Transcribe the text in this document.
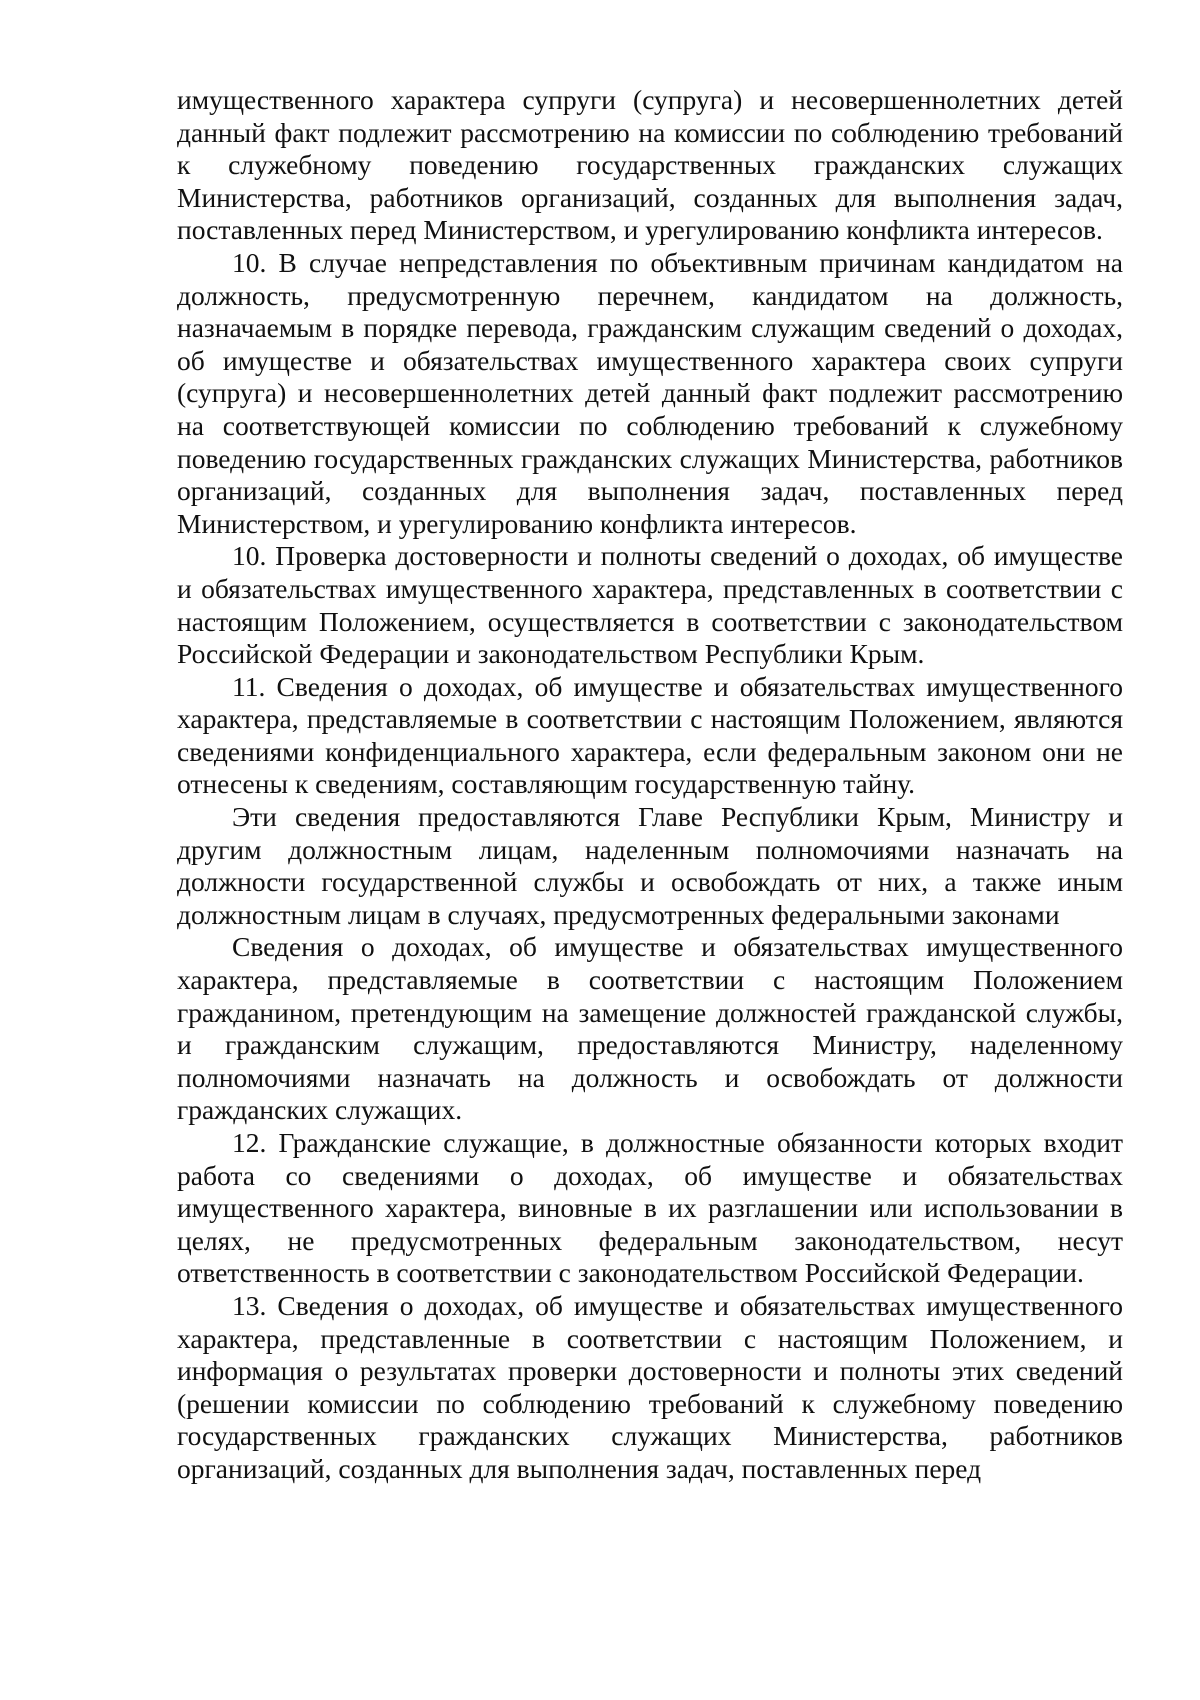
имущественного характера супруги (супруга) и несовершеннолетних детей данный факт подлежит рассмотрению на комиссии по соблюдению требований к служебному поведению государственных гражданских служащих Министерства, работников организаций, созданных для выполнения задач, поставленных перед Министерством, и урегулированию конфликта интересов.

10. В случае непредставления по объективным причинам кандидатом на должность, предусмотренную перечнем, кандидатом на должность, назначаемым в порядке перевода, гражданским служащим сведений о доходах, об имуществе и обязательствах имущественного характера своих супруги (супруга) и несовершеннолетних детей данный факт подлежит рассмотрению на соответствующей комиссии по соблюдению требований к служебному поведению государственных гражданских служащих Министерства, работников организаций, созданных для выполнения задач, поставленных перед Министерством, и урегулированию конфликта интересов.

10. Проверка достоверности и полноты сведений о доходах, об имуществе и обязательствах имущественного характера, представленных в соответствии с настоящим Положением, осуществляется в соответствии с законодательством Российской Федерации и законодательством Республики Крым.

11. Сведения о доходах, об имуществе и обязательствах имущественного характера, представляемые в соответствии с настоящим Положением, являются сведениями конфиденциального характера, если федеральным законом они не отнесены к сведениям, составляющим государственную тайну.

Эти сведения предоставляются Главе Республики Крым, Министру и другим должностным лицам, наделенным полномочиями назначать на должности государственной службы и освобождать от них, а также иным должностным лицам в случаях, предусмотренных федеральными законами

Сведения о доходах, об имуществе и обязательствах имущественного характера, представляемые в соответствии с настоящим Положением гражданином, претендующим на замещение должностей гражданской службы, и гражданским служащим, предоставляются Министру, наделенному полномочиями назначать на должность и освобождать от должности гражданских служащих.

12. Гражданские служащие, в должностные обязанности которых входит работа со сведениями о доходах, об имуществе и обязательствах имущественного характера, виновные в их разглашении или использовании в целях, не предусмотренных федеральным законодательством, несут ответственность в соответствии с законодательством Российской Федерации.

13. Сведения о доходах, об имуществе и обязательствах имущественного характера, представленные в соответствии с настоящим Положением, и информация о результатах проверки достоверности и полноты этих сведений (решении комиссии по соблюдению требований к служебному поведению государственных гражданских служащих Министерства, работников организаций, созданных для выполнения задач, поставленных перед
